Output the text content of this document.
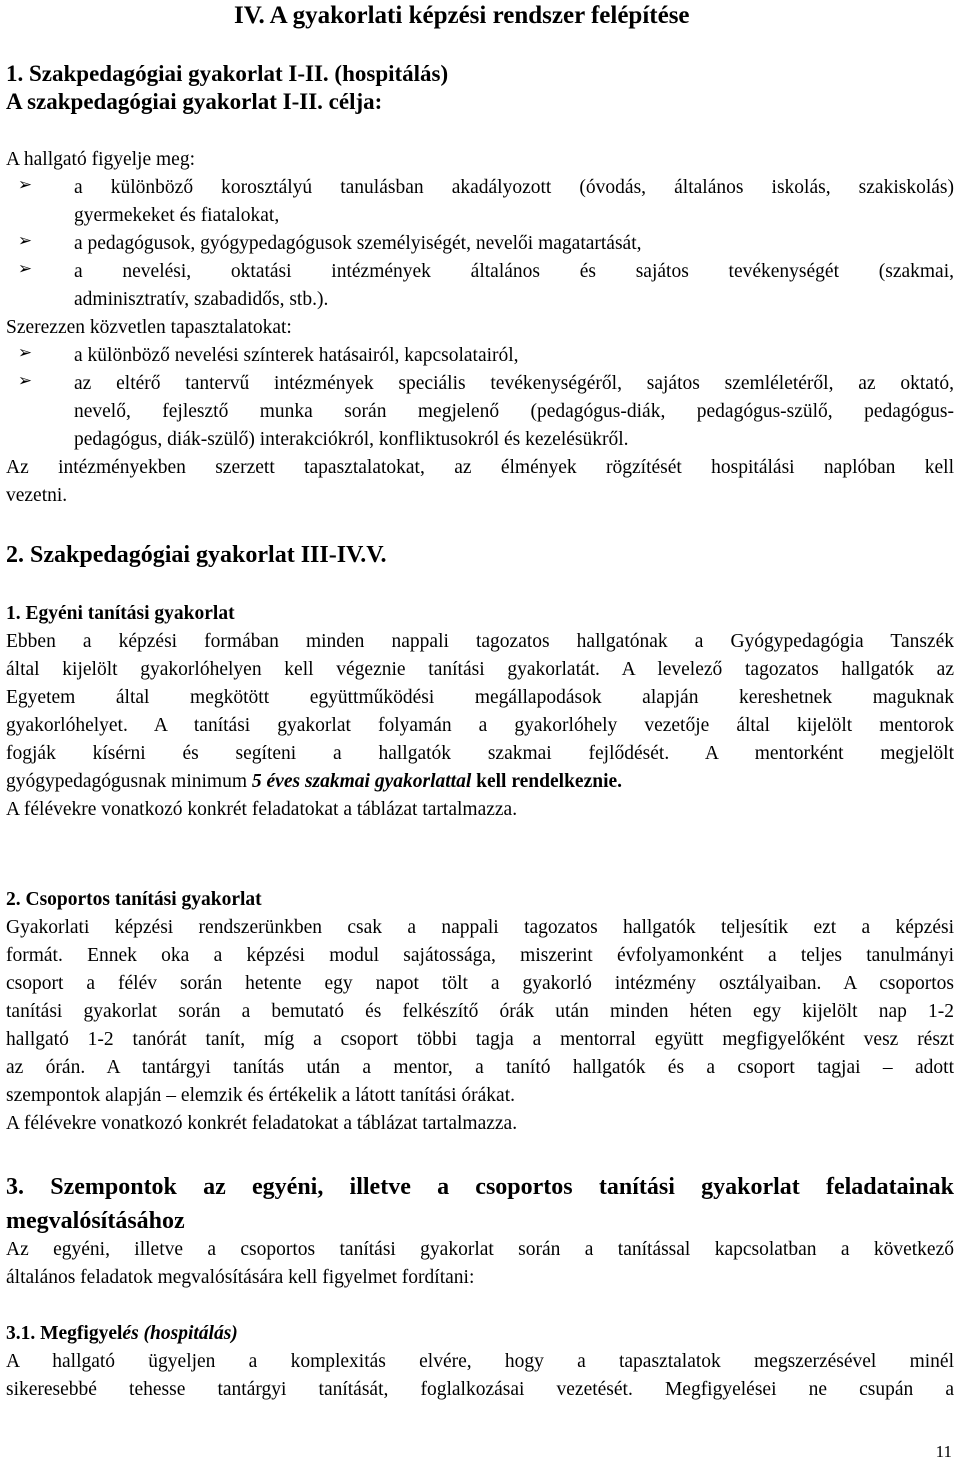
IV. A gyakorlati képzési rendszer felépítése
1. Szakpedagógiai gyakorlat I-II. (hospitálás)
A szakpedagógiai gyakorlat I-II. célja:
A hallgató figyelje meg:
➢ a különböző korosztályú tanulásban akadályozott (óvodás, általános iskolás, szakiskolás)
gyermekeket és fiatalokat,
➢ a pedagógusok, gyógypedagógusok személyiségét, nevelői magatartását,
➢ a nevelési, oktatási intézmények általános és sajátos tevékenységét (szakmai,
adminisztratív, szabadidős, stb.).
Szerezzen közvetlen tapasztalatokat:
➢ a különböző nevelési színterek hatásairól, kapcsolatairól,
➢ az eltérő tantervű intézmények speciális tevékenységéről, sajátos szemléletéről, az oktató,
nevelő, fejlesztő munka során megjelenő (pedagógus-diák, pedagógus-szülő, pedagógus-
pedagógus, diák-szülő) interakciókról, konfliktusokról és kezelésükről.
Az intézményekben szerzett tapasztalatokat, az élmények rögzítését hospitálási naplóban kell
vezetni.
2. Szakpedagógiai gyakorlat III-IV.V.
1. Egyéni tanítási gyakorlat
Ebben a képzési formában minden nappali tagozatos hallgatónak a Gyógypedagógia Tanszék
által kijelölt gyakorlóhelyen kell végeznie tanítási gyakorlatát. A levelező tagozatos hallgatók az
Egyetem által megkötött együttműködési megállapodások alapján kereshetnek maguknak
gyakorlóhelyet. A tanítási gyakorlat folyamán a gyakorlóhely vezetője által kijelölt mentorok
fogják kísérni és segíteni a hallgatók szakmai fejlődését. A mentorként megjelölt
gyógypedagógusnak minimum 5 éves szakmai gyakorlattal kell rendelkeznie.
A félévekre vonatkozó konkrét feladatokat a táblázat tartalmazza.
2. Csoportos tanítási gyakorlat
Gyakorlati képzési rendszerünkben csak a nappali tagozatos hallgatók teljesítik ezt a képzési
formát. Ennek oka a képzési modul sajátossága, miszerint évfolyamonként a teljes tanulmányi
csoport a félév során hetente egy napot tölt a gyakorló intézmény osztályaiban. A csoportos
tanítási gyakorlat során a bemutató és felkészítő órák után minden héten egy kijelölt nap 1-2
hallgató 1-2 tanórát tanít, míg a csoport többi tagja a mentorral együtt megfigyelőként vesz részt
az órán. A tantárgyi tanítás után a mentor, a tanító hallgatók és a csoport tagjai – adott
szempontok alapján – elemzik és értékelik a látott tanítási órákat.
A félévekre vonatkozó konkrét feladatokat a táblázat tartalmazza.
3. Szempontok az egyéni, illetve a csoportos tanítási gyakorlat feladatainak
megvalósításához
Az egyéni, illetve a csoportos tanítási gyakorlat során a tanítással kapcsolatban a következő
általános feladatok megvalósítására kell figyelmet fordítani:
3.1. Megfigyelés (hospitálás)
A hallgató ügyeljen a komplexitás elvére, hogy a tapasztalatok megszerzésével minél
sikeresebbé tehesse tantárgyi tanítását, foglalkozásai vezetését. Megfigyelései ne csupán a
11
